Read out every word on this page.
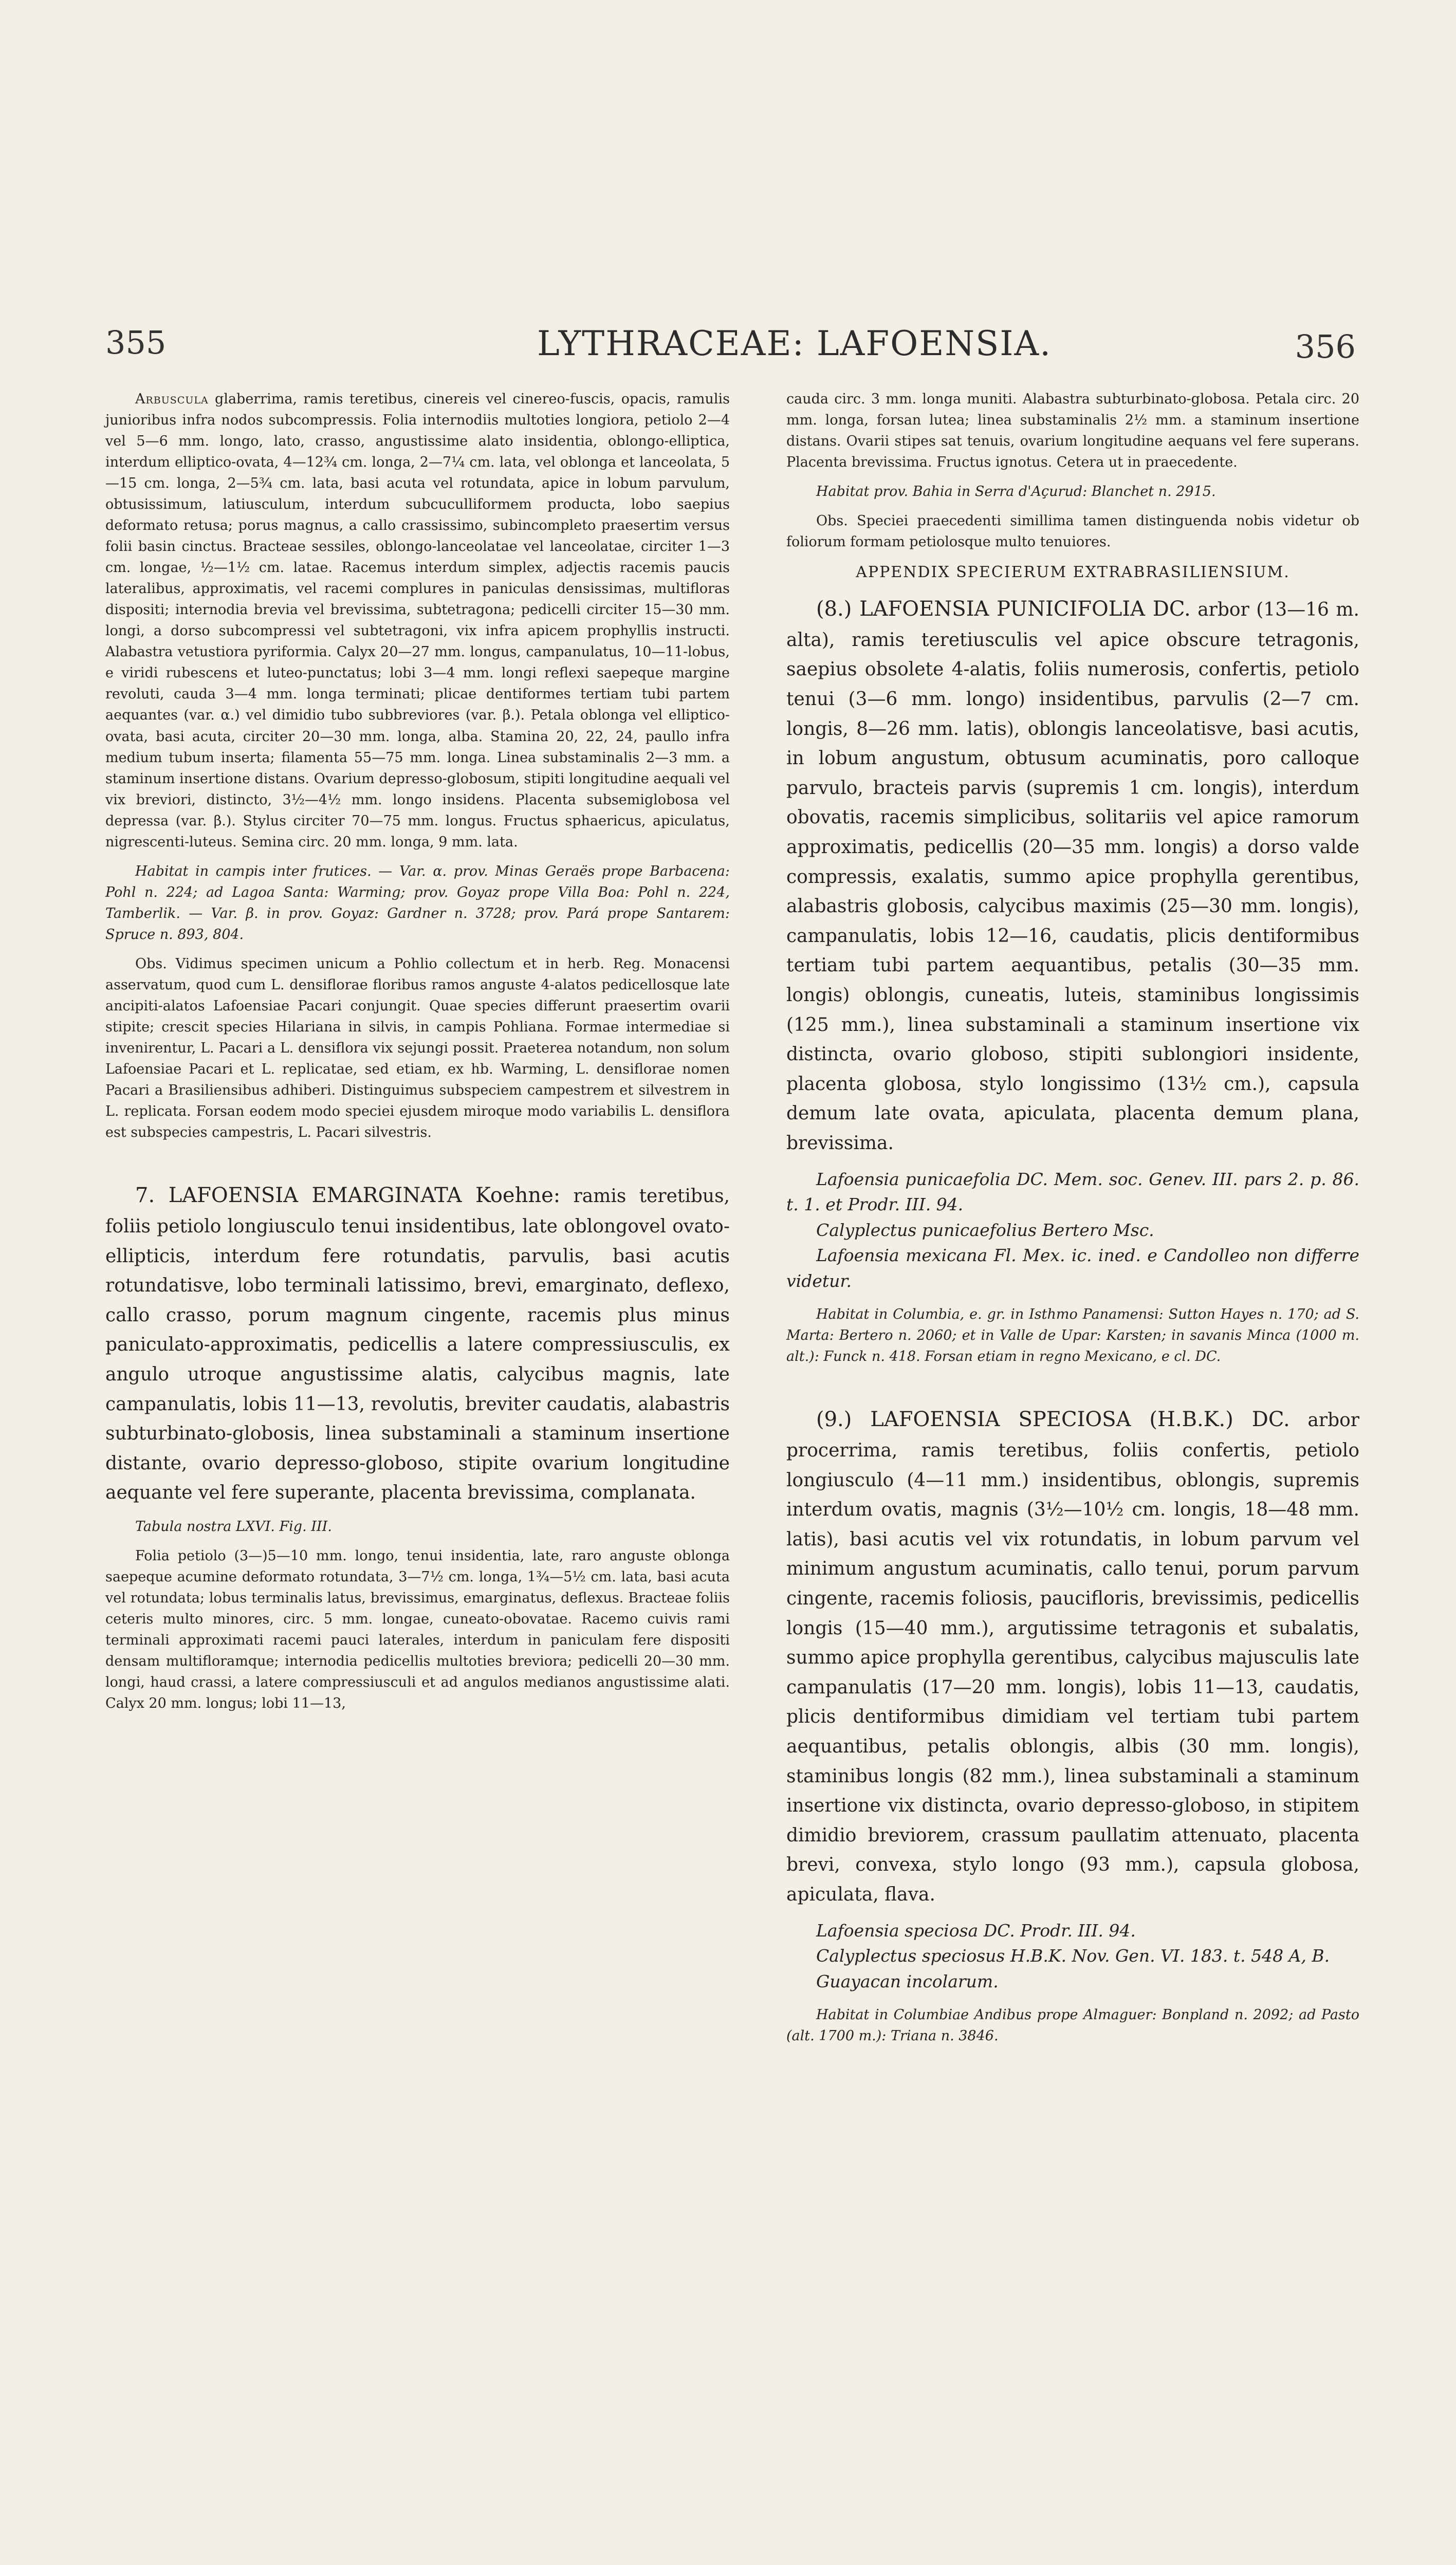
355	LYTHRACEAE: LAFOENSIA.	356

Arbuscula glaberrima, ramis teretibus, cinereis vel cinereo-fuscis, opacis, ramulis junioribus infra nodos subcompressis. Folia internodiis multoties longiora, petiolo 2—4 vel 5—6 mm. longo, lato, crasso, angustissime alato insidentia, oblongo-elliptica, interdum elliptico-ovata, 4—12¾ cm. longa, 2—7¼ cm. lata, vel oblonga et lanceolata, 5—15 cm. longa, 2—5¾ cm. lata, basi acuta vel rotundata, apice in lobum parvulum, obtusissimum, latiusculum, interdum subcuculliformem producta, lobo saepius deformato retusa; porus magnus, a callo crassissimo, subincompleto praesertim versus folii basin cinctus. Bracteae sessiles, oblongo-lanceolatae vel lanceolatae, circiter 1—3 cm. longae, ½—1½ cm. latae. Racemus interdum simplex, adjectis racemis paucis lateralibus, approximatis, vel racemi complures in paniculas densissimas, multifloras dispositi; internodia brevia vel brevissima, subtetragona; pedicelli circiter 15—30 mm. longi, a dorso subcompressi vel subtetragoni, vix infra apicem prophyllis instructi. Alabastra vetustiora pyriformia. Calyx 20—27 mm. longus, campanulatus, 10—11-lobus, e viridi rubescens et luteo-punctatus; lobi 3—4 mm. longi reflexi saepeque margine revoluti, cauda 3—4 mm. longa terminati; plicae dentiformes tertiam tubi partem aequantes (var. α.) vel dimidio tubo subbreviores (var. β.). Petala oblonga vel elliptico-ovata, basi acuta, circiter 20—30 mm. longa, alba. Stamina 20, 22, 24, paullo infra medium tubum inserta; filamenta 55—75 mm. longa. Linea substaminalis 2—3 mm. a staminum insertione distans. Ovarium depresso-globosum, stipiti longitudine aequali vel vix breviori, distincto, 3½—4½ mm. longo insidens. Placenta subsemiglobosa vel depressa (var. β.). Stylus circiter 70—75 mm. longus. Fructus sphaericus, apiculatus, nigrescenti-luteus. Semina circ. 20 mm. longa, 9 mm. lata.

Habitat in campis inter frutices. — Var. α. prov. Minas Geraës prope Barbacena: Pohl n. 224; ad Lagoa Santa: Warming; prov. Goyaz prope Villa Boa: Pohl n. 224, Tamberlik. — Var. β. in prov. Goyaz: Gardner n. 3728; prov. Pará prope Santarem: Spruce n. 893, 804.

Obs. Vidimus specimen unicum a Pohlio collectum et in herb. Reg. Monacensi asservatum, quod cum L. densiflorae floribus ramos anguste 4-alatos pedicellosque late ancipiti-alatos Lafoensiae Pacari conjungit. Quae species differunt praesertim ovarii stipite; crescit species Hilariana in silvis, in campis Pohliana. Formae intermediae si invenirentur, L. Pacari a L. densiflora vix sejungi possit. Praeterea notandum, non solum Lafoensiae Pacari et L. replicatae, sed etiam, ex hb. Warming, L. densiflorae nomen Pacari a Brasiliensibus adhiberi. Distinguimus subspeciem campestrem et silvestrem in L. replicata. Forsan eodem modo speciei ejusdem miroque modo variabilis L. densiflora est subspecies campestris, L. Pacari silvestris.

7. LAFOENSIA EMARGINATA Koehne: ramis teretibus, foliis petiolo longiusculo tenui insidentibus, late oblongovel ovato-ellipticis, interdum fere rotundatis, parvulis, basi acutis rotundatisve, lobo terminali latissimo, brevi, emarginato, deflexo, callo crasso, porum magnum cingente, racemis plus minus paniculato-approximatis, pedicellis a latere compressiusculis, ex angulo utroque angustissime alatis, calycibus magnis, late campanulatis, lobis 11—13, revolutis, breviter caudatis, alabastris subturbinato-globosis, linea substaminali a staminum insertione distante, ovario depresso-globoso, stipite ovarium longitudine aequante vel fere superante, placenta brevissima, complanata.

Tabula nostra LXVI. Fig. III.

Folia petiolo (3—)5—10 mm. longo, tenui insidentia, late, raro anguste oblonga saepeque acumine deformato rotundata, 3—7½ cm. longa, 1¾—5½ cm. lata, basi acuta vel rotundata; lobus terminalis latus, brevissimus, emarginatus, deflexus. Bracteae foliis ceteris multo minores, circ. 5 mm. longae, cuneato-obovatae. Racemo cuivis rami terminali approximati racemi pauci laterales, interdum in paniculam fere dispositi densam multifloramque; internodia pedicellis multoties breviora; pedicelli 20—30 mm. longi, haud crassi, a latere compressiusculi et ad angulos medianos angustissime alati. Calyx 20 mm. longus; lobi 11—13,

cauda circ. 3 mm. longa muniti. Alabastra subturbinato-globosa. Petala circ. 20 mm. longa, forsan lutea; linea substaminalis 2½ mm. a staminum insertione distans. Ovarii stipes sat tenuis, ovarium longitudine aequans vel fere superans. Placenta brevissima. Fructus ignotus. Cetera ut in praecedente.

Habitat prov. Bahia in Serra d'Açurud: Blanchet n. 2915.

Obs. Speciei praecedenti simillima tamen distinguenda nobis videtur ob foliorum formam petiolosque multo tenuiores.

APPENDIX SPECIERUM EXTRABRASILIENSIUM.

(8.) LAFOENSIA PUNICIFOLIA DC. arbor (13—16 m. alta), ramis teretiusculis vel apice obscure tetragonis, saepius obsolete 4-alatis, foliis numerosis, confertis, petiolo tenui (3—6 mm. longo) insidentibus, parvulis (2—7 cm. longis, 8—26 mm. latis), oblongis lanceolatisve, basi acutis, in lobum angustum, obtusum acuminatis, poro calloque parvulo, bracteis parvis (supremis 1 cm. longis), interdum obovatis, racemis simplicibus, solitariis vel apice ramorum approximatis, pedicellis (20—35 mm. longis) a dorso valde compressis, exalatis, summo apice prophylla gerentibus, alabastris globosis, calycibus maximis (25—30 mm. longis), campanulatis, lobis 12—16, caudatis, plicis dentiformibus tertiam tubi partem aequantibus, petalis (30—35 mm. longis) oblongis, cuneatis, luteis, staminibus longissimis (125 mm.), linea substaminali a staminum insertione vix distincta, ovario globoso, stipiti sublongiori insidente, placenta globosa, stylo longissimo (13½ cm.), capsula demum late ovata, apiculata, placenta demum plana, brevissima.

Lafoensia punicaefolia DC. Mem. soc. Genev. III. pars 2. p. 86. t. 1. et Prodr. III. 94.

Calyplectus punicaefolius Bertero Msc.

Lafoensia mexicana Fl. Mex. ic. ined. e Candolleo non differre videtur.

Habitat in Columbia, e. gr. in Isthmo Panamensi: Sutton Hayes n. 170; ad S. Marta: Bertero n. 2060; et in Valle de Upar: Karsten; in savanis Minca (1000 m. alt.): Funck n. 418. Forsan etiam in regno Mexicano, e cl. DC.

(9.) LAFOENSIA SPECIOSA (H.B.K.) DC. arbor procerrima, ramis teretibus, foliis confertis, petiolo longiusculo (4—11 mm.) insidentibus, oblongis, supremis interdum ovatis, magnis (3½—10½ cm. longis, 18—48 mm. latis), basi acutis vel vix rotundatis, in lobum parvum vel minimum angustum acuminatis, callo tenui, porum parvum cingente, racemis foliosis, paucifloris, brevissimis, pedicellis longis (15—40 mm.), argutissime tetragonis et subalatis, summo apice prophylla gerentibus, calycibus majusculis late campanulatis (17—20 mm. longis), lobis 11—13, caudatis, plicis dentiformibus dimidiam vel tertiam tubi partem aequantibus, petalis oblongis, albis (30 mm. longis), staminibus longis (82 mm.), linea substaminali a staminum insertione vix distincta, ovario depresso-globoso, in stipitem dimidio breviorem, crassum paullatim attenuato, placenta brevi, convexa, stylo longo (93 mm.), capsula globosa, apiculata, flava.

Lafoensia speciosa DC. Prodr. III. 94.

Calyplectus speciosus H.B.K. Nov. Gen. VI. 183. t. 548 A, B.

Guayacan incolarum.

Habitat in Columbiae Andibus prope Almaguer: Bonpland n. 2092; ad Pasto (alt. 1700 m.): Triana n. 3846.
